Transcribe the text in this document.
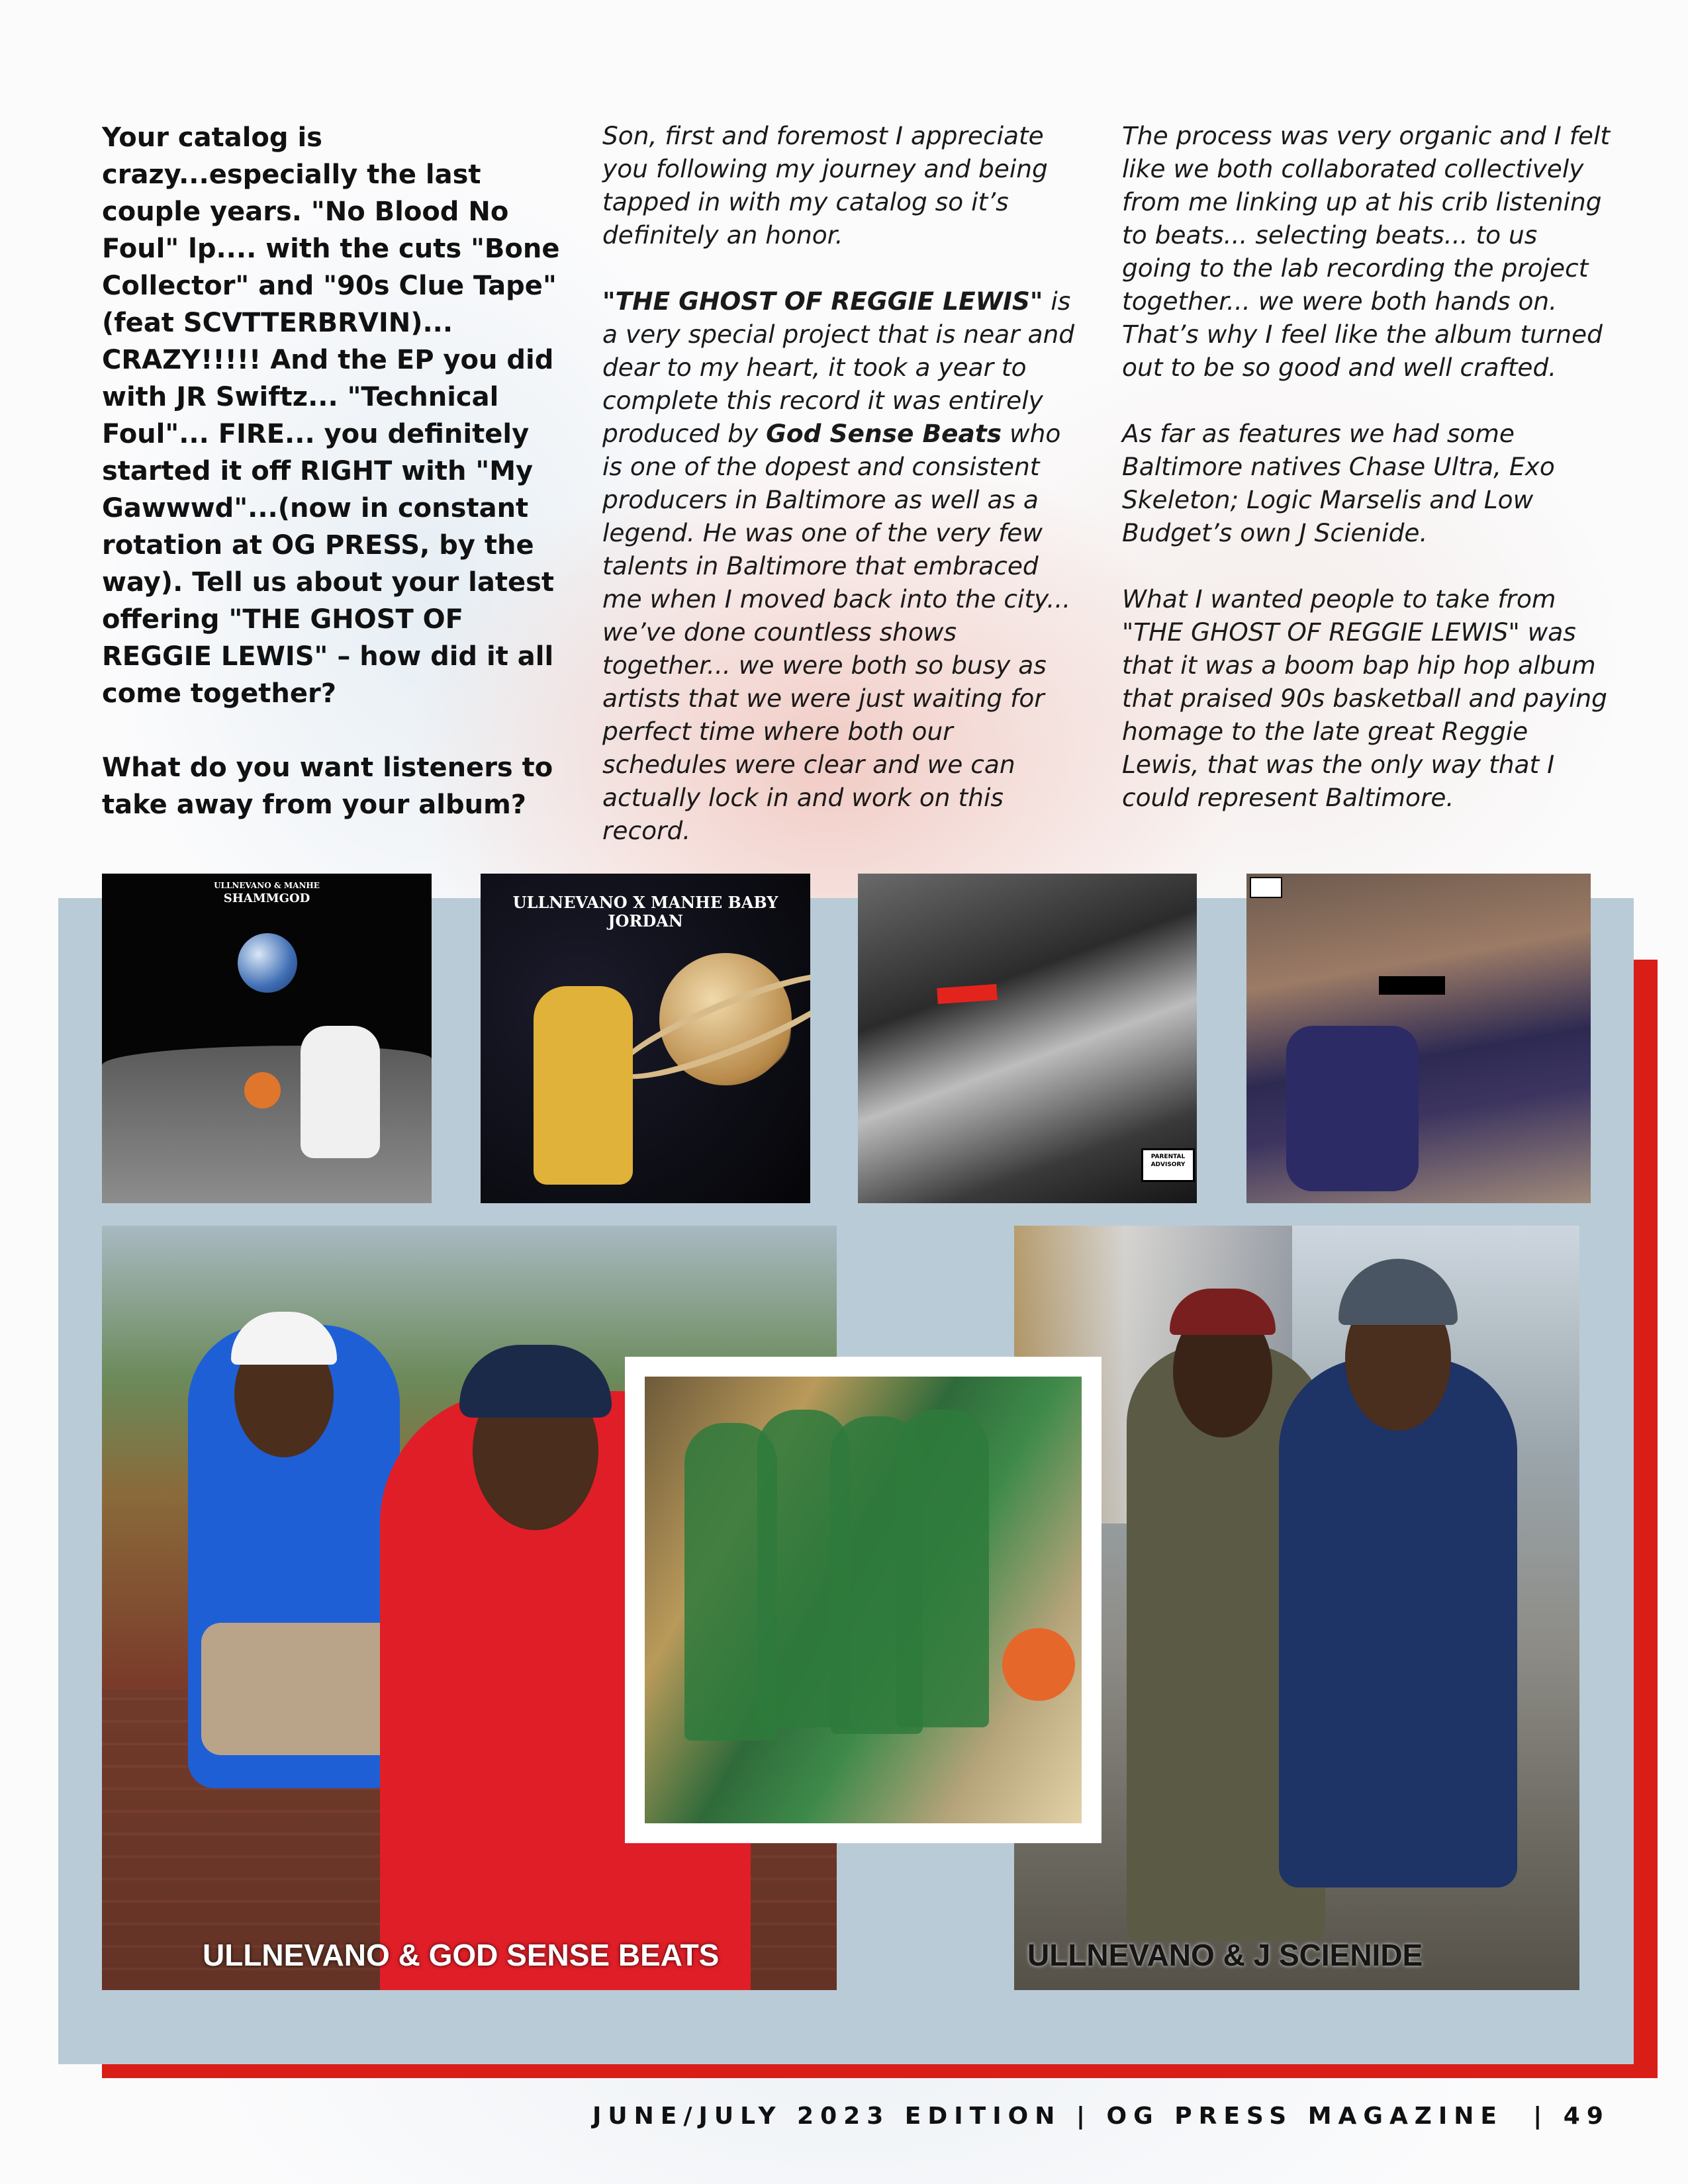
Your catalog is crazy...especially the last couple years. "No Blood No Foul" lp.... with the cuts "Bone Collector" and "90s Clue Tape" (feat SCVTTERBRVIN)... CRAZY!!!!! And the EP you did with JR Swiftz... "Technical Foul"... FIRE... you definitely started it off RIGHT with "My Gawwwd"...(now in constant rotation at OG PRESS, by the way). Tell us about your latest offering "THE GHOST OF REGGIE LEWIS" – how did it all come together?

What do you want listeners to take away from your album?

Son, first and foremost I appreciate you following my journey and being tapped in with my catalog so it’s definitely an honor.

"THE GHOST OF REGGIE LEWIS" is a very special project that is near and dear to my heart, it took a year to complete this record it was entirely produced by God Sense Beats who is one of the dopest and consistent producers in Baltimore as well as a legend. He was one of the very few talents in Baltimore that embraced me when I moved back into the city... we’ve done countless shows together... we were both so busy as artists that we were just waiting for perfect time where both our schedules were clear and we can actually lock in and work on this record.

The process was very organic and I felt like we both collaborated collectively from me linking up at his crib listening to beats... selecting beats... to us going to the lab recording the project together... we were both hands on. That’s why I feel like the album turned out to be so good and well crafted.

As far as features we had some Baltimore natives Chase Ultra, Exo Skeleton; Logic Marselis and Low Budget’s own J Scienide.

What I wanted people to take from "THE GHOST OF REGGIE LEWIS" was that it was a boom bap hip hop album that praised 90s basketball and paying homage to the late great Reggie Lewis, that was the only way that I could represent Baltimore.

ULLNEVANO & MANHE
SHAMMGOD	ULLNEVANO X MANHE BABY JORDAN
PARENTAL ADVISORY
ULLNEVANO & GOD SENSE BEATS	ULLNEVANO & J SCIENIDE
JUNE/JULY 2023 EDITION | OG PRESS MAGAZINE  | 49
